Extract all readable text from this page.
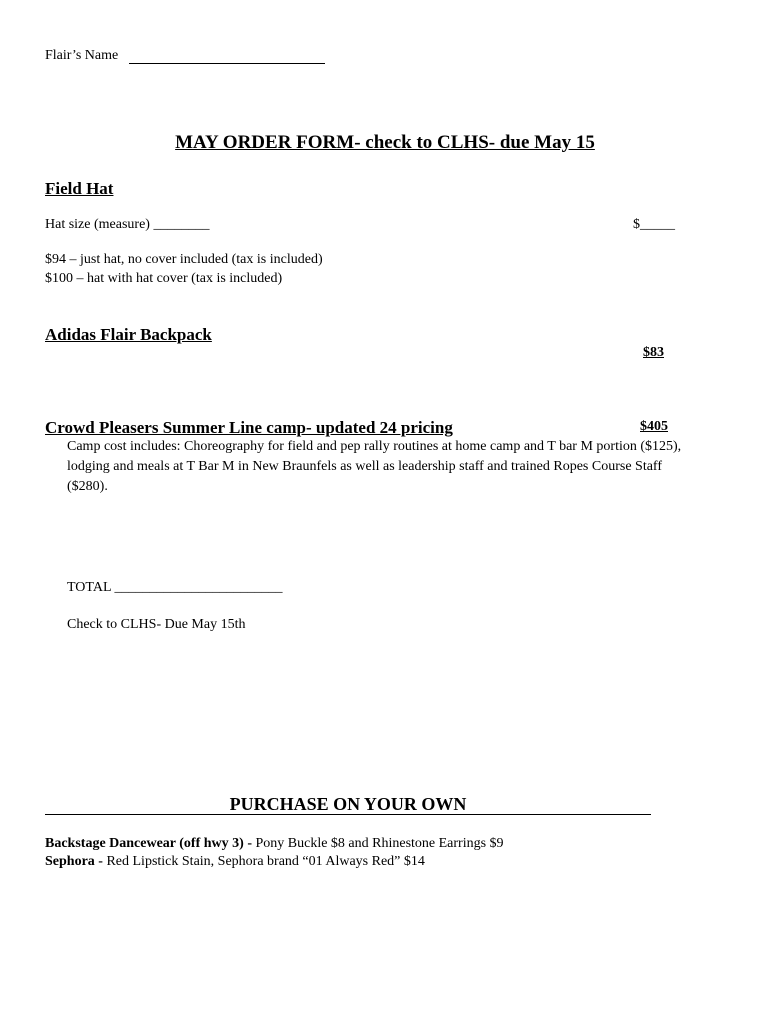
Flair’s Name
MAY ORDER FORM- check to CLHS- due May 15
Field Hat
Hat size (measure) ________	$_____
$94 – just hat, no cover included (tax is included)
$100 – hat with hat cover (tax is included)
Adidas Flair Backpack
$83
Crowd Pleasers Summer Line camp- updated 24 pricing	$405
Camp cost includes: Choreography for field and pep rally routines at home camp and T bar M portion ($125), lodging and meals at T Bar M in New Braunfels as well as leadership staff and trained Ropes Course Staff ($280).
TOTAL ________________________
Check to CLHS- Due May 15th
PURCHASE ON YOUR OWN
Backstage Dancewear (off hwy 3) - Pony Buckle $8 and Rhinestone Earrings $9
Sephora - Red Lipstick Stain, Sephora brand “01 Always Red” $14
